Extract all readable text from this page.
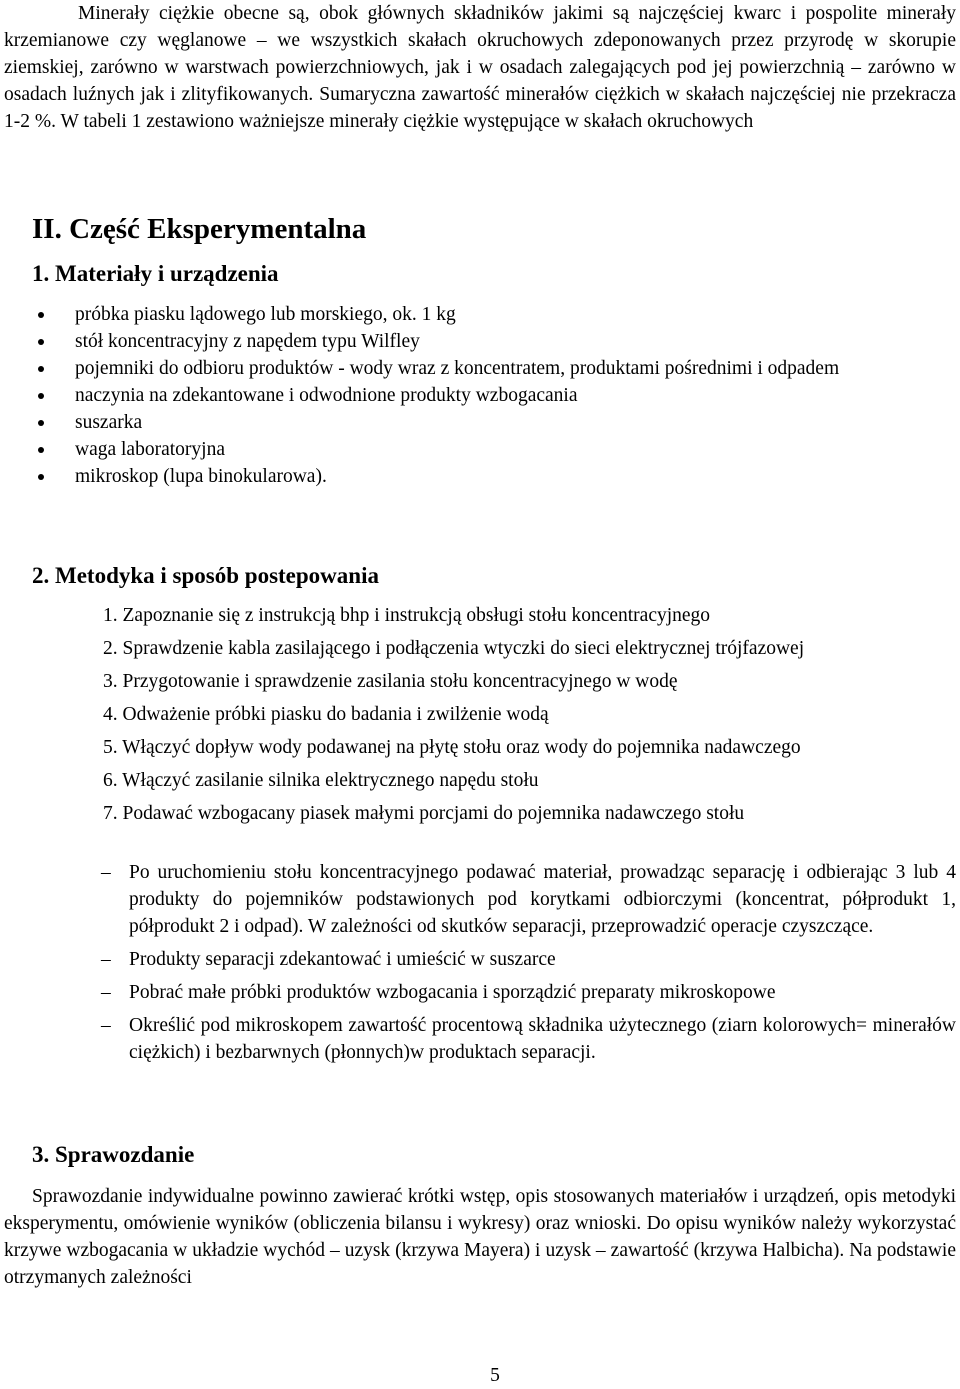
Minerały ciężkie obecne są, obok głównych składników jakimi są najczęściej kwarc i pospolite minerały krzemianowe czy węglanowe – we wszystkich skałach okruchowych zdeponowanych przez przyrodę w skorupie ziemskiej, zarówno w warstwach powierzchniowych, jak i w osadach zalegających pod jej powierzchnią – zarówno w osadach luźnych jak i zlityfikowanych. Sumaryczna zawartość minerałów ciężkich w skałach najczęściej nie przekracza 1-2 %. W tabeli 1 zestawiono ważniejsze minerały ciężkie występujące w skałach okruchowych

II. Część Eksperymentalna
1. Materiały i urządzenia
próbka piasku lądowego lub morskiego, ok. 1 kg
stół koncentracyjny z napędem typu Wilfley
pojemniki do odbioru produktów - wody wraz z koncentratem, produktami pośrednimi i odpadem
naczynia na zdekantowane i odwodnione produkty wzbogacania
suszarka
waga laboratoryjna
mikroskop (lupa binokularowa).
2. Metodyka i sposób postepowania
1. Zapoznanie się z instrukcją bhp i instrukcją obsługi stołu koncentracyjnego
2. Sprawdzenie kabla zasilającego i podłączenia wtyczki do sieci elektrycznej trójfazowej
3. Przygotowanie i sprawdzenie zasilania stołu koncentracyjnego w wodę
4. Odważenie próbki piasku do badania i zwilżenie wodą
5. Włączyć dopływ wody podawanej na płytę stołu oraz wody do pojemnika nadawczego
6. Włączyć zasilanie silnika elektrycznego napędu stołu
7. Podawać wzbogacany piasek małymi porcjami do pojemnika nadawczego stołu
– Po uruchomieniu stołu koncentracyjnego podawać materiał, prowadząc separację i odbierając 3 lub 4 produkty do pojemników podstawionych pod korytkami odbiorczymi (koncentrat, półprodukt 1, półprodukt 2 i odpad). W zależności od skutków separacji, przeprowadzić operacje czyszczące.
– Produkty separacji zdekantować i umieścić w suszarce
– Pobrać małe próbki produktów wzbogacania i sporządzić preparaty mikroskopowe
– Określić pod mikroskopem zawartość procentową składnika użytecznego (ziarn kolorowych= minerałów ciężkich) i bezbarwnych (płonnych)w produktach separacji.
3. Sprawozdanie

Sprawozdanie indywidualne powinno zawierać krótki wstęp, opis stosowanych materiałów i urządzeń, opis metodyki eksperymentu, omówienie wyników (obliczenia bilansu i wykresy) oraz wnioski. Do opisu wyników należy wykorzystać krzywe wzbogacania w układzie wychód – uzysk (krzywa Mayera) i uzysk – zawartość (krzywa Halbicha). Na podstawie otrzymanych zależności

5
